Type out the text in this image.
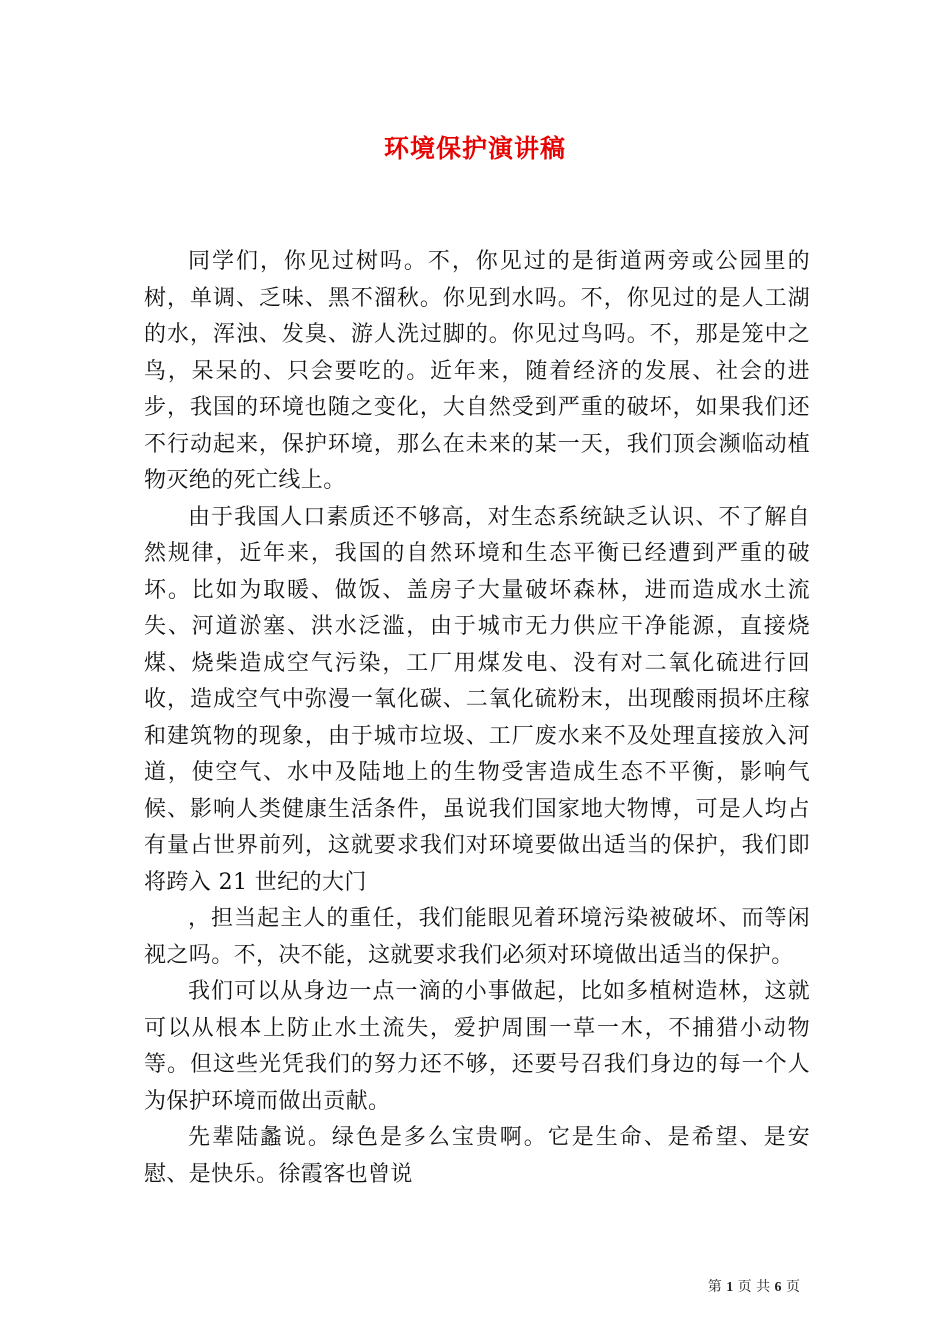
环境保护演讲稿

同学们，你见过树吗。不，你见过的是街道两旁或公园里的树，单调、乏味、黑不溜秋。你见到水吗。不，你见过的是人工湖的水，浑浊、发臭、游人洗过脚的。你见过鸟吗。不，那是笼中之鸟，呆呆的、只会要吃的。近年来，随着经济的发展、社会的进步，我国的环境也随之变化，大自然受到严重的破坏，如果我们还不行动起来，保护环境，那么在未来的某一天，我们顶会濒临动植物灭绝的死亡线上。

由于我国人口素质还不够高，对生态系统缺乏认识、不了解自然规律，近年来，我国的自然环境和生态平衡已经遭到严重的破坏。比如为取暖、做饭、盖房子大量破坏森林，进而造成水土流失、河道淤塞、洪水泛滥，由于城市无力供应干净能源，直接烧煤、烧柴造成空气污染，工厂用煤发电、没有对二氧化硫进行回收，造成空气中弥漫一氧化碳、二氧化硫粉末，出现酸雨损坏庄稼和建筑物的现象，由于城市垃圾、工厂废水来不及处理直接放入河道，使空气、水中及陆地上的生物受害造成生态不平衡，影响气候、影响人类健康生活条件，虽说我们国家地大物博，可是人均占有量占世界前列，这就要求我们对环境要做出适当的保护，我们即将跨入 21 世纪的大门

，担当起主人的重任，我们能眼见着环境污染被破坏、而等闲视之吗。不，决不能，这就要求我们必须对环境做出适当的保护。

我们可以从身边一点一滴的小事做起，比如多植树造林，这就可以从根本上防止水土流失，爱护周围一草一木，不捕猎小动物等。但这些光凭我们的努力还不够，还要号召我们身边的每一个人为保护环境而做出贡献。

先辈陆蠡说。绿色是多么宝贵啊。它是生命、是希望、是安慰、是快乐。徐霞客也曾说

第 1 页 共 6 页
